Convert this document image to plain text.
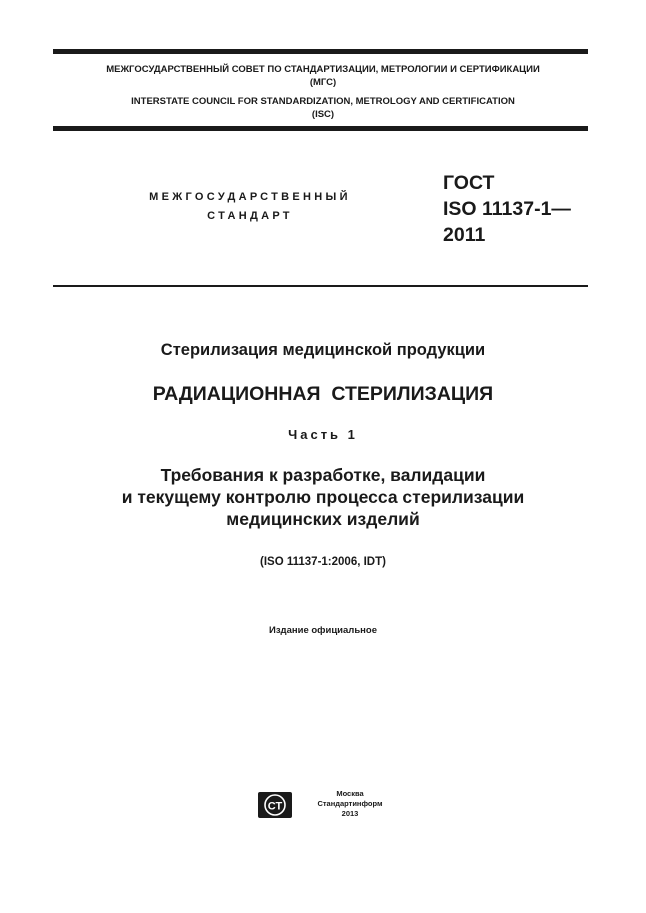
МЕЖГОСУДАРСТВЕННЫЙ СОВЕТ ПО СТАНДАРТИЗАЦИИ, МЕТРОЛОГИИ И СЕРТИФИКАЦИИ
(МГС)
INTERSTATE COUNCIL FOR STANDARDIZATION, METROLOGY AND CERTIFICATION
(ISC)
МЕЖГОСУДАРСТВЕННЫЙ
СТАНДАРТ
ГОСТ
ISO 11137-1—
2011
Стерилизация медицинской продукции
РАДИАЦИОННАЯ  СТЕРИЛИЗАЦИЯ
Часть 1
Требования к разработке, валидации
и текущему контролю процесса стерилизации
медицинских изделий
(ISO 11137-1:2006, IDT)
Издание официальное
СТ
Москва
Стандартинформ
2013
